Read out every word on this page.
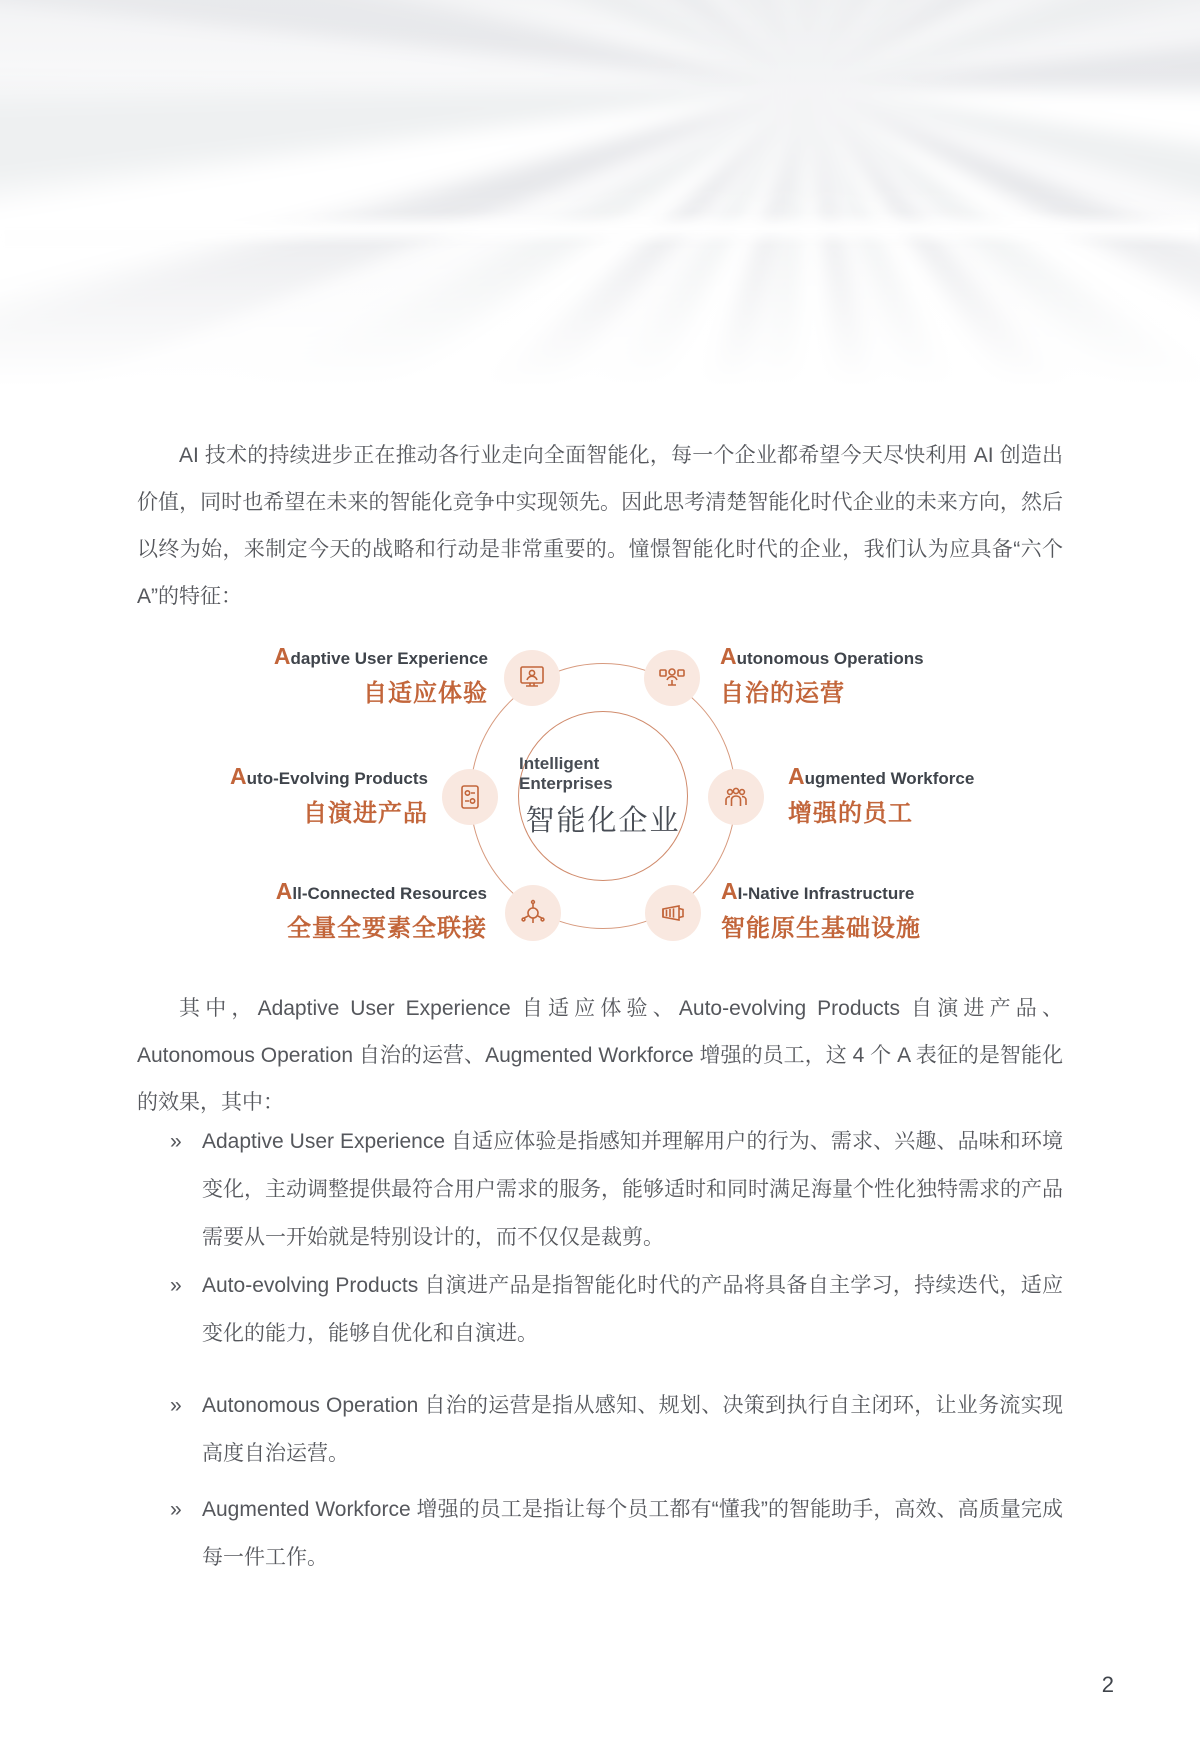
AI 技术的持续进步正在推动各行业走向全面智能化，每一个企业都希望今天尽快利用 AI 创造出价值，同时也希望在未来的智能化竞争中实现领先。因此思考清楚智能化时代企业的未来方向，然后以终为始，来制定今天的战略和行动是非常重要的。憧憬智能化时代的企业，我们认为应具备“六个 A”的特征：
Intelligent Enterprises
智能化企业
Adaptive User Experience
自适应体验
Autonomous Operations
自治的运营
Auto-Evolving Products
自演进产品
Augmented Workforce
增强的员工
All-Connected Resources
全量全要素全联接
AI-Native Infrastructure
智能原生基础设施
其中，Adaptive User Experience 自适应体验、Auto-evolving Products 自演进产品、Autonomous Operation 自治的运营、Augmented Workforce 增强的员工，这 4 个 A 表征的是智能化的效果，其中：
» Adaptive User Experience 自适应体验是指感知并理解用户的行为、需求、兴趣、品味和环境变化，主动调整提供最符合用户需求的服务，能够适时和同时满足海量个性化独特需求的产品需要从一开始就是特别设计的，而不仅仅是裁剪。
» Auto-evolving Products 自演进产品是指智能化时代的产品将具备自主学习，持续迭代，适应变化的能力，能够自优化和自演进。
» Autonomous Operation 自治的运营是指从感知、规划、决策到执行自主闭环，让业务流实现高度自治运营。
» Augmented Workforce 增强的员工是指让每个员工都有“懂我”的智能助手，高效、高质量完成每一件工作。
2
